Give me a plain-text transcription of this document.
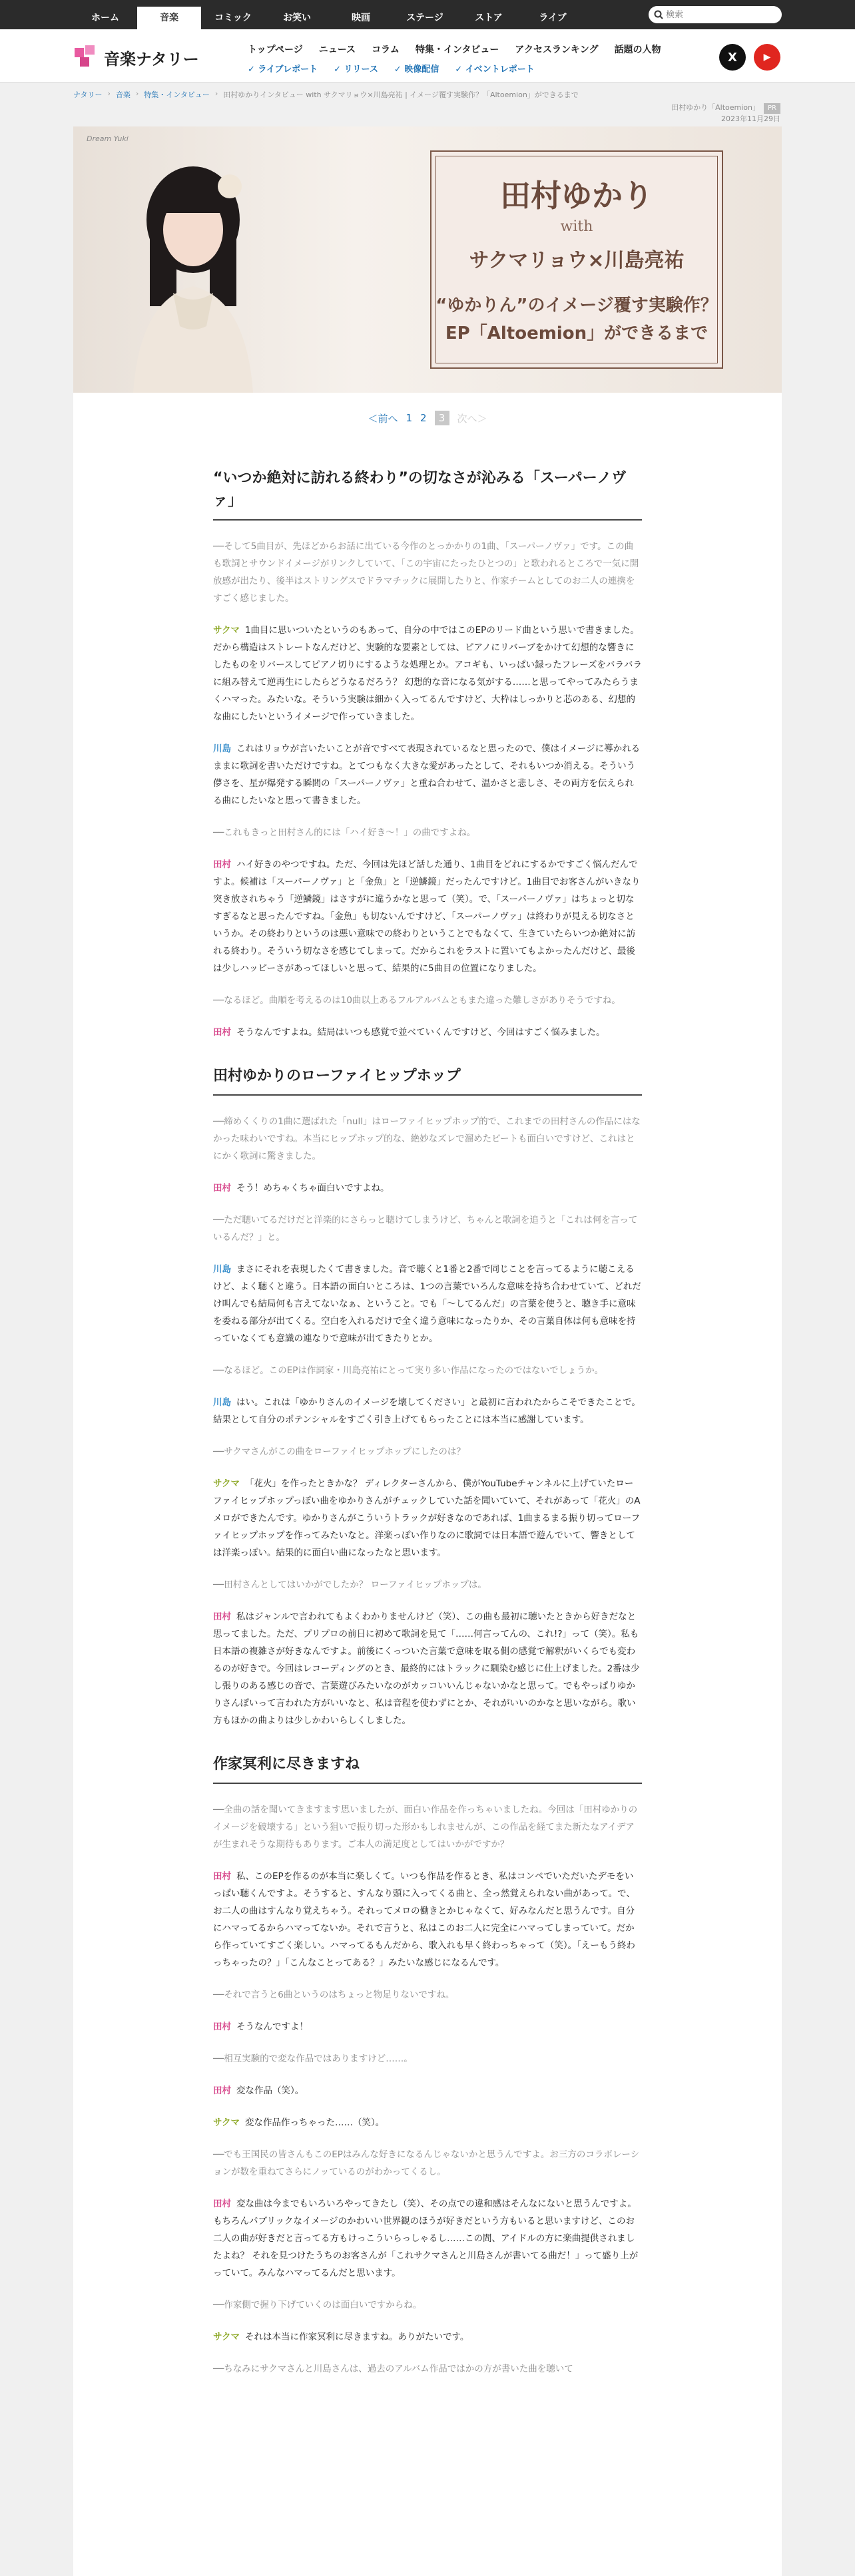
ホーム	音楽	コミック	お笑い	映画	ステージ	ストア	ライブ
検索
音楽ナタリー	トップページ ニュース コラム 特集・インタビュー アクセスランキング 話題の人物
✓ ライブレポート	✓ リリース	✓ 映像配信	✓ イベントレポート
X	▶
ナタリー › 音楽 › 特集・インタビュー › 田村ゆかりインタビュー with サクマリョウ×川島亮祐 | イメージ覆す実験作？「Altoemion」ができるまで
田村ゆかり「Altoemion」 PR
2023年11月29日
Dream Yuki
田村ゆかり
with
サクマリョウ×川島亮祐
“ゆかりん”のイメージ覆す実験作？
EP「Altoemion」ができるまで
＜前へ 1 2	3	次へ＞
“いつか絶対に訪れる終わり”の切なさが沁みる「スーパーノヴァ」

──そして5曲目が、先ほどからお話に出ている今作のとっかかりの1曲、「スーパーノヴァ」です。この曲も歌詞とサウンドイメージがリンクしていて、「この宇宙にたったひとつの」と歌われるところで一気に開放感が出たり、後半はストリングスでドラマチックに展開したりと、作家チームとしてのお二人の連携をすごく感じました。

サクマ 1曲目に思いついたというのもあって、自分の中ではこのEPのリード曲という思いで書きました。だから構造はストレートなんだけど、実験的な要素としては、ピアノにリバーブをかけて幻想的な響きにしたものをリバースしてピアノ切りにするような処理とか。アコギも、いっぱい録ったフレーズをバラバラに組み替えて逆再生にしたらどうなるだろう？ 幻想的な音になる気がする……と思ってやってみたらうまくハマった。みたいな。そういう実験は細かく入ってるんですけど、大枠はしっかりと芯のある、幻想的な曲にしたいというイメージで作っていきました。

川島 これはリョウが言いたいことが音ですべて表現されているなと思ったので、僕はイメージに導かれるままに歌詞を書いただけですね。とてつもなく大きな愛があったとして、それもいつか消える。そういう儚さを、星が爆発する瞬間の「スーパーノヴァ」と重ね合わせて、温かさと悲しさ、その両方を伝えられる曲にしたいなと思って書きました。

──これもきっと田村さん的には「ハイ好き～！」の曲ですよね。

田村 ハイ好きのやつですね。ただ、今回は先ほど話した通り、1曲目をどれにするかですごく悩んだんですよ。候補は「スーパーノヴァ」と「金魚」と「逆鱗鏡」だったんですけど。1曲目でお客さんがいきなり突き放されちゃう「逆鱗鏡」はさすがに違うかなと思って（笑）。で、「スーパーノヴァ」はちょっと切なすぎるなと思ったんですね。「金魚」も切ないんですけど、「スーパーノヴァ」は終わりが見える切なさというか。その終わりというのは悪い意味での終わりということでもなくて、生きていたらいつか絶対に訪れる終わり。そういう切なさを感じてしまって。だからこれをラストに置いてもよかったんだけど、最後は少しハッピーさがあってほしいと思って、結果的に5曲目の位置になりました。

──なるほど。曲順を考えるのは10曲以上あるフルアルバムともまた違った難しさがありそうですね。

田村 そうなんですよね。結局はいつも感覚で並べていくんですけど、今回はすごく悩みました。

田村ゆかりのローファイヒップホップ

──締めくくりの1曲に選ばれた「null」はローファイヒップホップ的で、これまでの田村さんの作品にはなかった味わいですね。本当にヒップホップ的な、絶妙なズレで溜めたビートも面白いですけど、これはとにかく歌詞に驚きました。

田村 そう！めちゃくちゃ面白いですよね。

──ただ聴いてるだけだと洋楽的にさらっと聴けてしまうけど、ちゃんと歌詞を追うと「これは何を言っているんだ？」と。

川島 まさにそれを表現したくて書きました。音で聴くと1番と2番で同じことを言ってるように聴こえるけど、よく聴くと違う。日本語の面白いところは、1つの言葉でいろんな意味を持ち合わせていて、どれだけ叫んでも結局何も言えてないなぁ、ということ。でも「～してるんだ」の言葉を使うと、聴き手に意味を委ねる部分が出てくる。空白を入れるだけで全く違う意味になったりか、その言葉自体は何も意味を持っていなくても意識の連なりで意味が出てきたりとか。

──なるほど。このEPは作詞家・川島亮祐にとって実り多い作品になったのではないでしょうか。

川島 はい。これは「ゆかりさんのイメージを壊してください」と最初に言われたからこそできたことで。結果として自分のポテンシャルをすごく引き上げてもらったことには本当に感謝しています。

──サクマさんがこの曲をローファイヒップホップにしたのは？

サクマ 「花火」を作ったときかな？ ディレクターさんから、僕がYouTubeチャンネルに上げていたローファイヒップホップっぽい曲をゆかりさんがチェックしていた話を聞いていて、それがあって「花火」のAメロができたんです。ゆかりさんがこういうトラックが好きなのであれば、1曲まるまる振り切ってローファイヒップホップを作ってみたいなと。洋楽っぽい作りなのに歌詞では日本語で遊んでいて、響きとしては洋楽っぽい。結果的に面白い曲になったなと思います。

──田村さんとしてはいかがでしたか？ ローファイヒップホップは。

田村 私はジャンルで言われてもよくわかりませんけど（笑）、この曲も最初に聴いたときから好きだなと思ってました。ただ、プリプロの前日に初めて歌詞を見て「……何言ってんの、これ!?」って（笑）。私も日本語の複雑さが好きなんですよ。前後にくっついた言葉で意味を取る側の感覚で解釈がいくらでも変わるのが好きで。今回はレコーディングのとき、最終的にはトラックに馴染む感じに仕上げました。2番は少し張りのある感じの音で、言葉遊びみたいなのがカッコいいんじゃないかなと思って。でもやっぱりゆかりさんぽいって言われた方がいいなと、私は音程を使わずにとか、それがいいのかなと思いながら。歌い方もほかの曲よりは少しかわいらしくしました。

作家冥利に尽きますね

──全曲の話を聞いてきますます思いましたが、面白い作品を作っちゃいましたね。今回は「田村ゆかりのイメージを破壊する」という狙いで振り切った形かもしれませんが、この作品を経てまた新たなアイデアが生まれそうな期待もあります。ご本人の満足度としてはいかがですか？

田村 私、このEPを作るのが本当に楽しくて。いつも作品を作るとき、私はコンペでいただいたデモをいっぱい聴くんですよ。そうすると、すんなり頭に入ってくる曲と、全っ然覚えられない曲があって。で、お二人の曲はすんなり覚えちゃう。それってメロの働きとかじゃなくて、好みなんだと思うんです。自分にハマってるからハマってないか。それで言うと、私はこのお二人に完全にハマってしまっていて。だから作っていてすごく楽しい。ハマってるもんだから、歌入れも早く終わっちゃって（笑）。「えーもう終わっちゃったの？」「こんなことってある？」みたいな感じになるんです。

──それで言うと6曲というのはちょっと物足りないですね。

田村 そうなんですよ！

──相互実験的で変な作品ではありますけど……。

田村 変な作品（笑）。

サクマ 変な作品作っちゃった……（笑）。

──でも王国民の皆さんもこのEPはみんな好きになるんじゃないかと思うんですよ。お三方のコラボレーションが数を重ねてさらにノッているのがわかってくるし。

田村 変な曲は今までもいろいろやってきたし（笑）、その点での違和感はそんなにないと思うんですよ。もちろんパブリックなイメージのかわいい世界観のほうが好きだという方もいると思いますけど、このお二人の曲が好きだと言ってる方もけっこういらっしゃるし……この間、アイドルの方に楽曲提供されましたよね？ それを見つけたうちのお客さんが「これサクマさんと川島さんが書いてる曲だ！」って盛り上がっていて。みんなハマってるんだと思います。

──作家側で握り下げていくのは面白いですからね。

サクマ それは本当に作家冥利に尽きますね。ありがたいです。

──ちなみにサクマさんと川島さんは、過去のアルバム作品ではかの方が書いた曲を聴いて
